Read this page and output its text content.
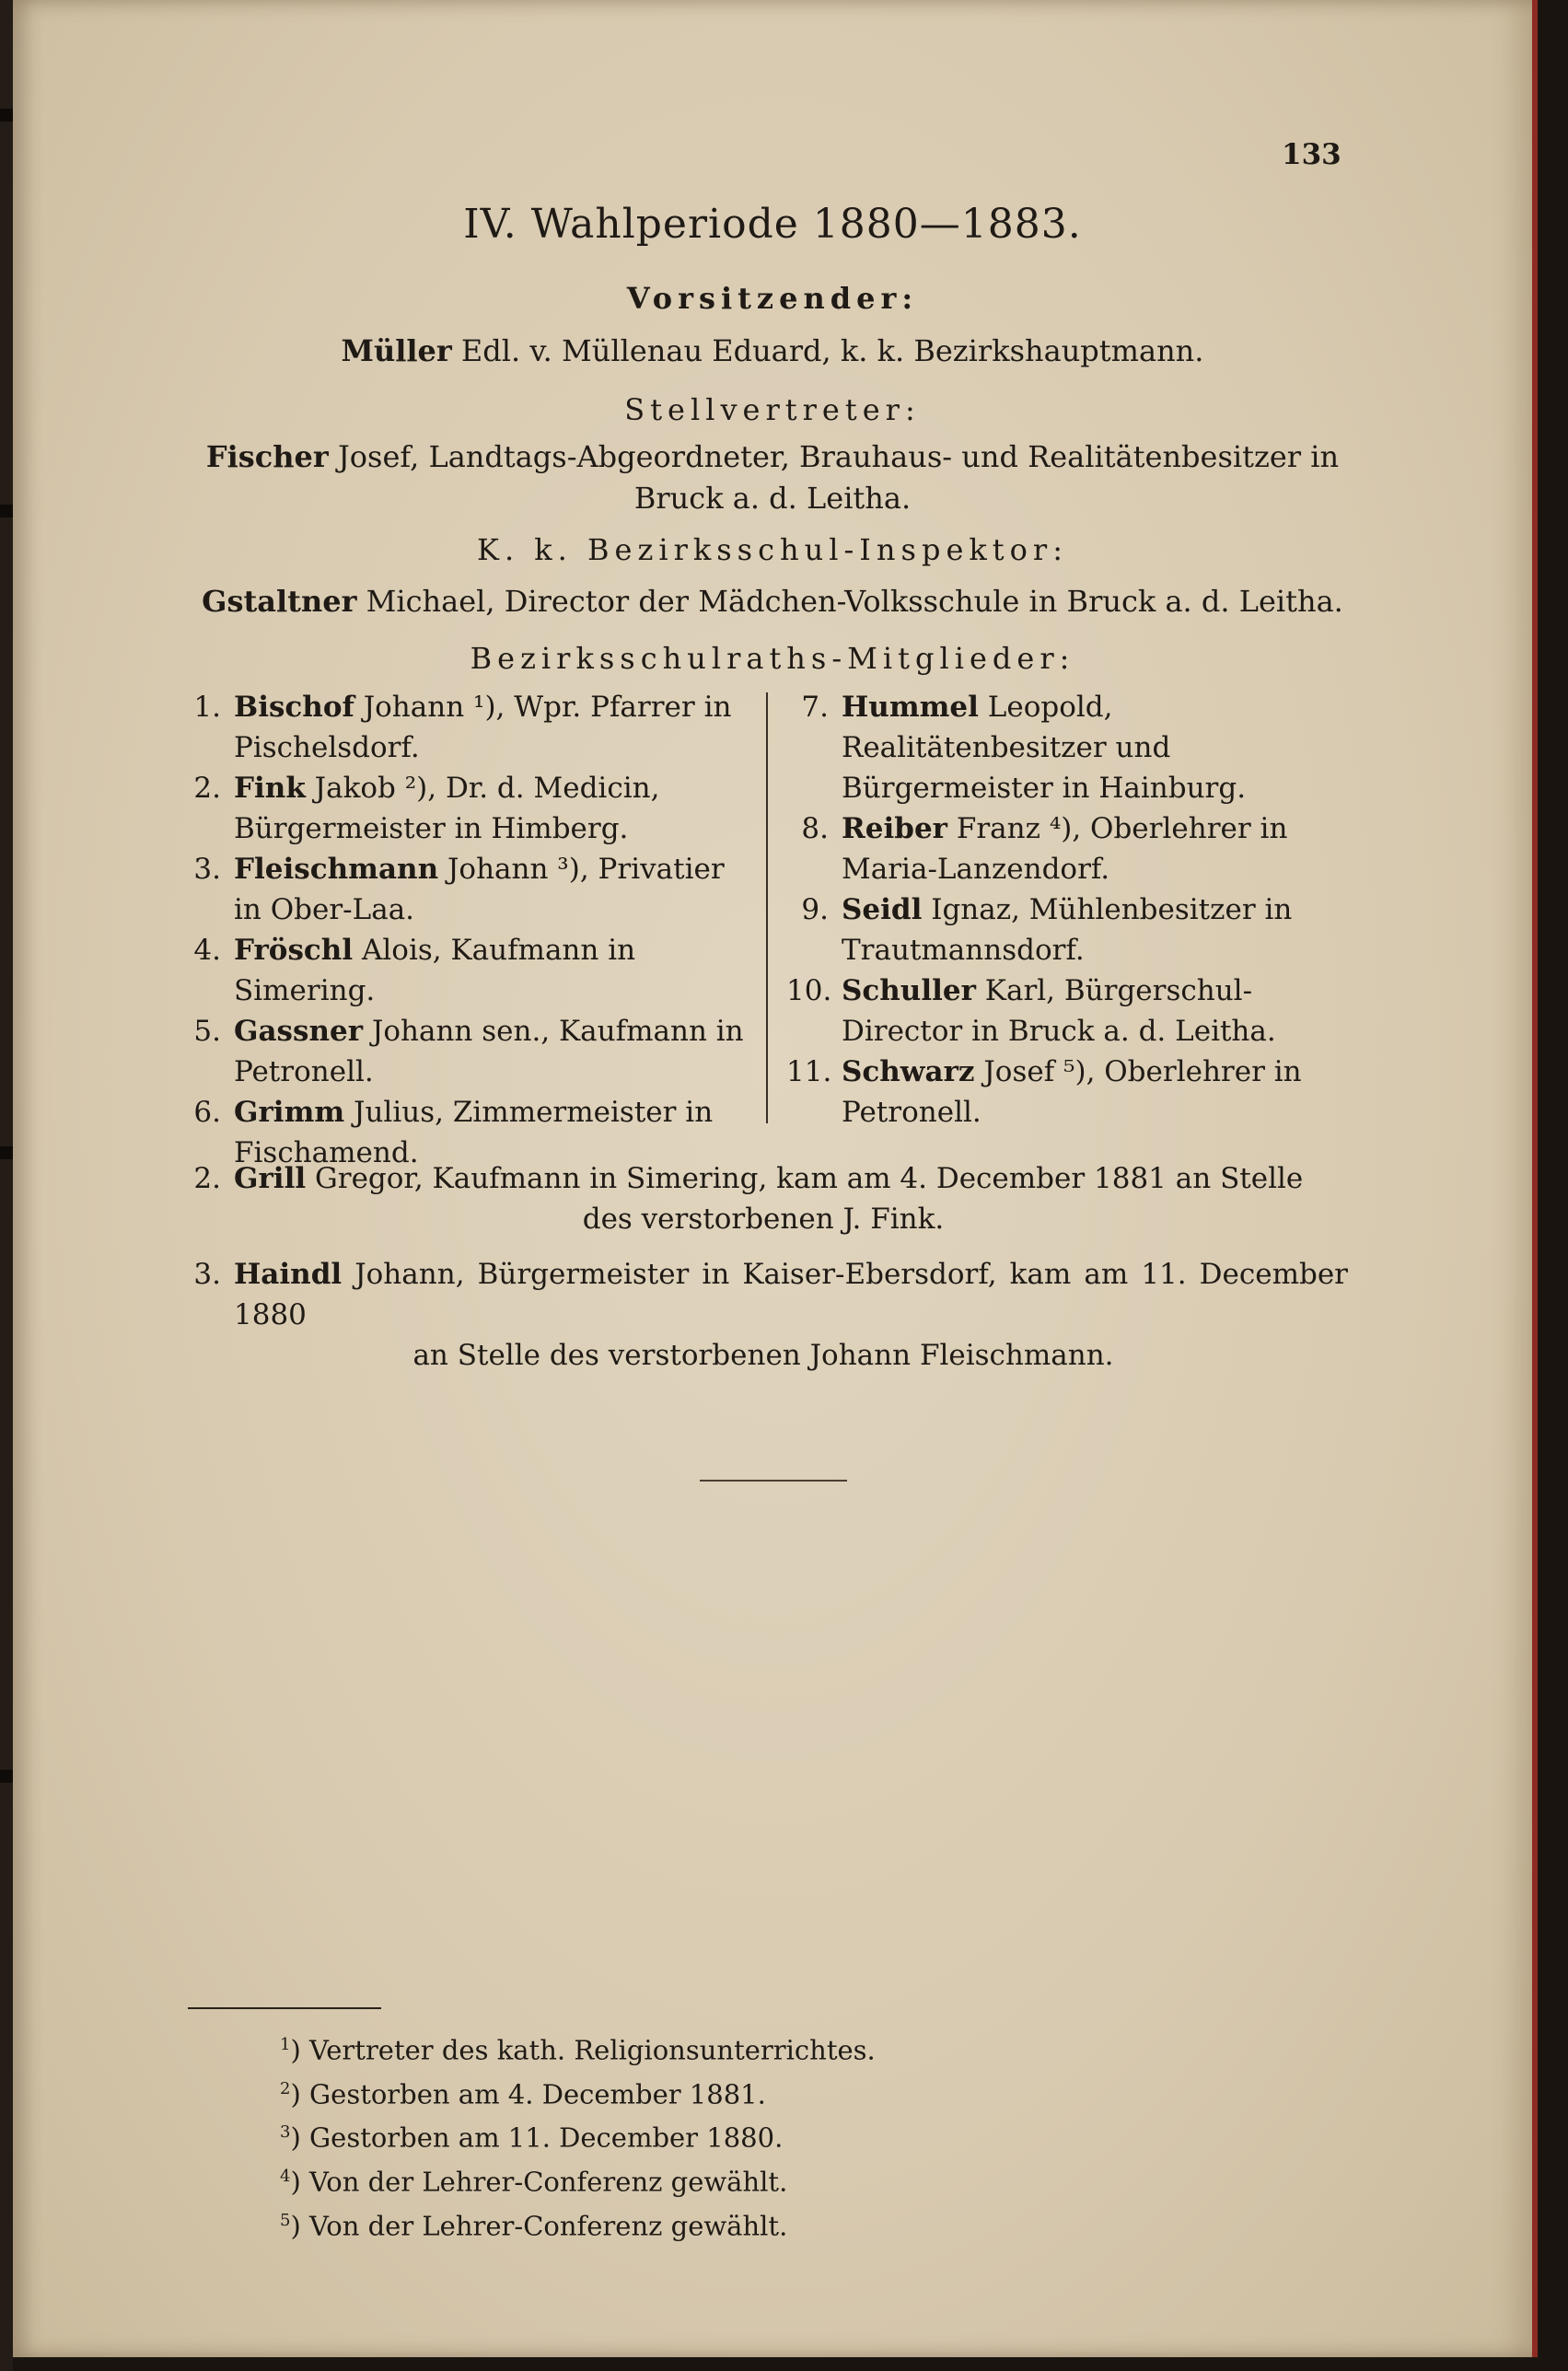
133
IV. Wahlperiode 1880—1883.
Vorsitzender:
Müller Edl. v. Müllenau Eduard, k. k. Bezirkshauptmann.
Stellvertreter:
Fischer Josef, Landtags-Abgeordneter, Brauhaus- und Realitätenbesitzer in
Bruck a. d. Leitha.
K. k. Bezirksschul-Inspektor:
Gstaltner Michael, Director der Mädchen-Volksschule in Bruck a. d. Leitha.
Bezirksschulraths-Mitglieder:
1. Bischof Johann ¹), Wpr. Pfarrer in Pischelsdorf.
2. Fink Jakob ²), Dr. d. Medicin, Bürgermeister in Himberg.
3. Fleischmann Johann ³), Privatier in Ober-Laa.
4. Fröschl Alois, Kaufmann in Simering.
5. Gassner Johann sen., Kaufmann in Petronell.
6. Grimm Julius, Zimmermeister in Fischamend.
7. Hummel Leopold, Realitätenbesitzer und Bürgermeister in Hainburg.
8. Reiber Franz ⁴), Oberlehrer in Maria-Lanzendorf.
9. Seidl Ignaz, Mühlenbesitzer in Trautmannsdorf.
10. Schuller Karl, Bürgerschul-Director in Bruck a. d. Leitha.
11. Schwarz Josef ⁵), Oberlehrer in Petronell.
2. Grill Gregor, Kaufmann in Simering, kam am 4. December 1881 an Stelle
des verstorbenen J. Fink.
3. Haindl Johann, Bürgermeister in Kaiser-Ebersdorf, kam am 11. December 1880
an Stelle des verstorbenen Johann Fleischmann.
$^1$) Vertreter des kath. Religionsunterrichtes.
$^2$) Gestorben am 4. December 1881.
$^3$) Gestorben am 11. December 1880.
$^4$) Von der Lehrer-Conferenz gewählt.
$^5$) Von der Lehrer-Conferenz gewählt.
